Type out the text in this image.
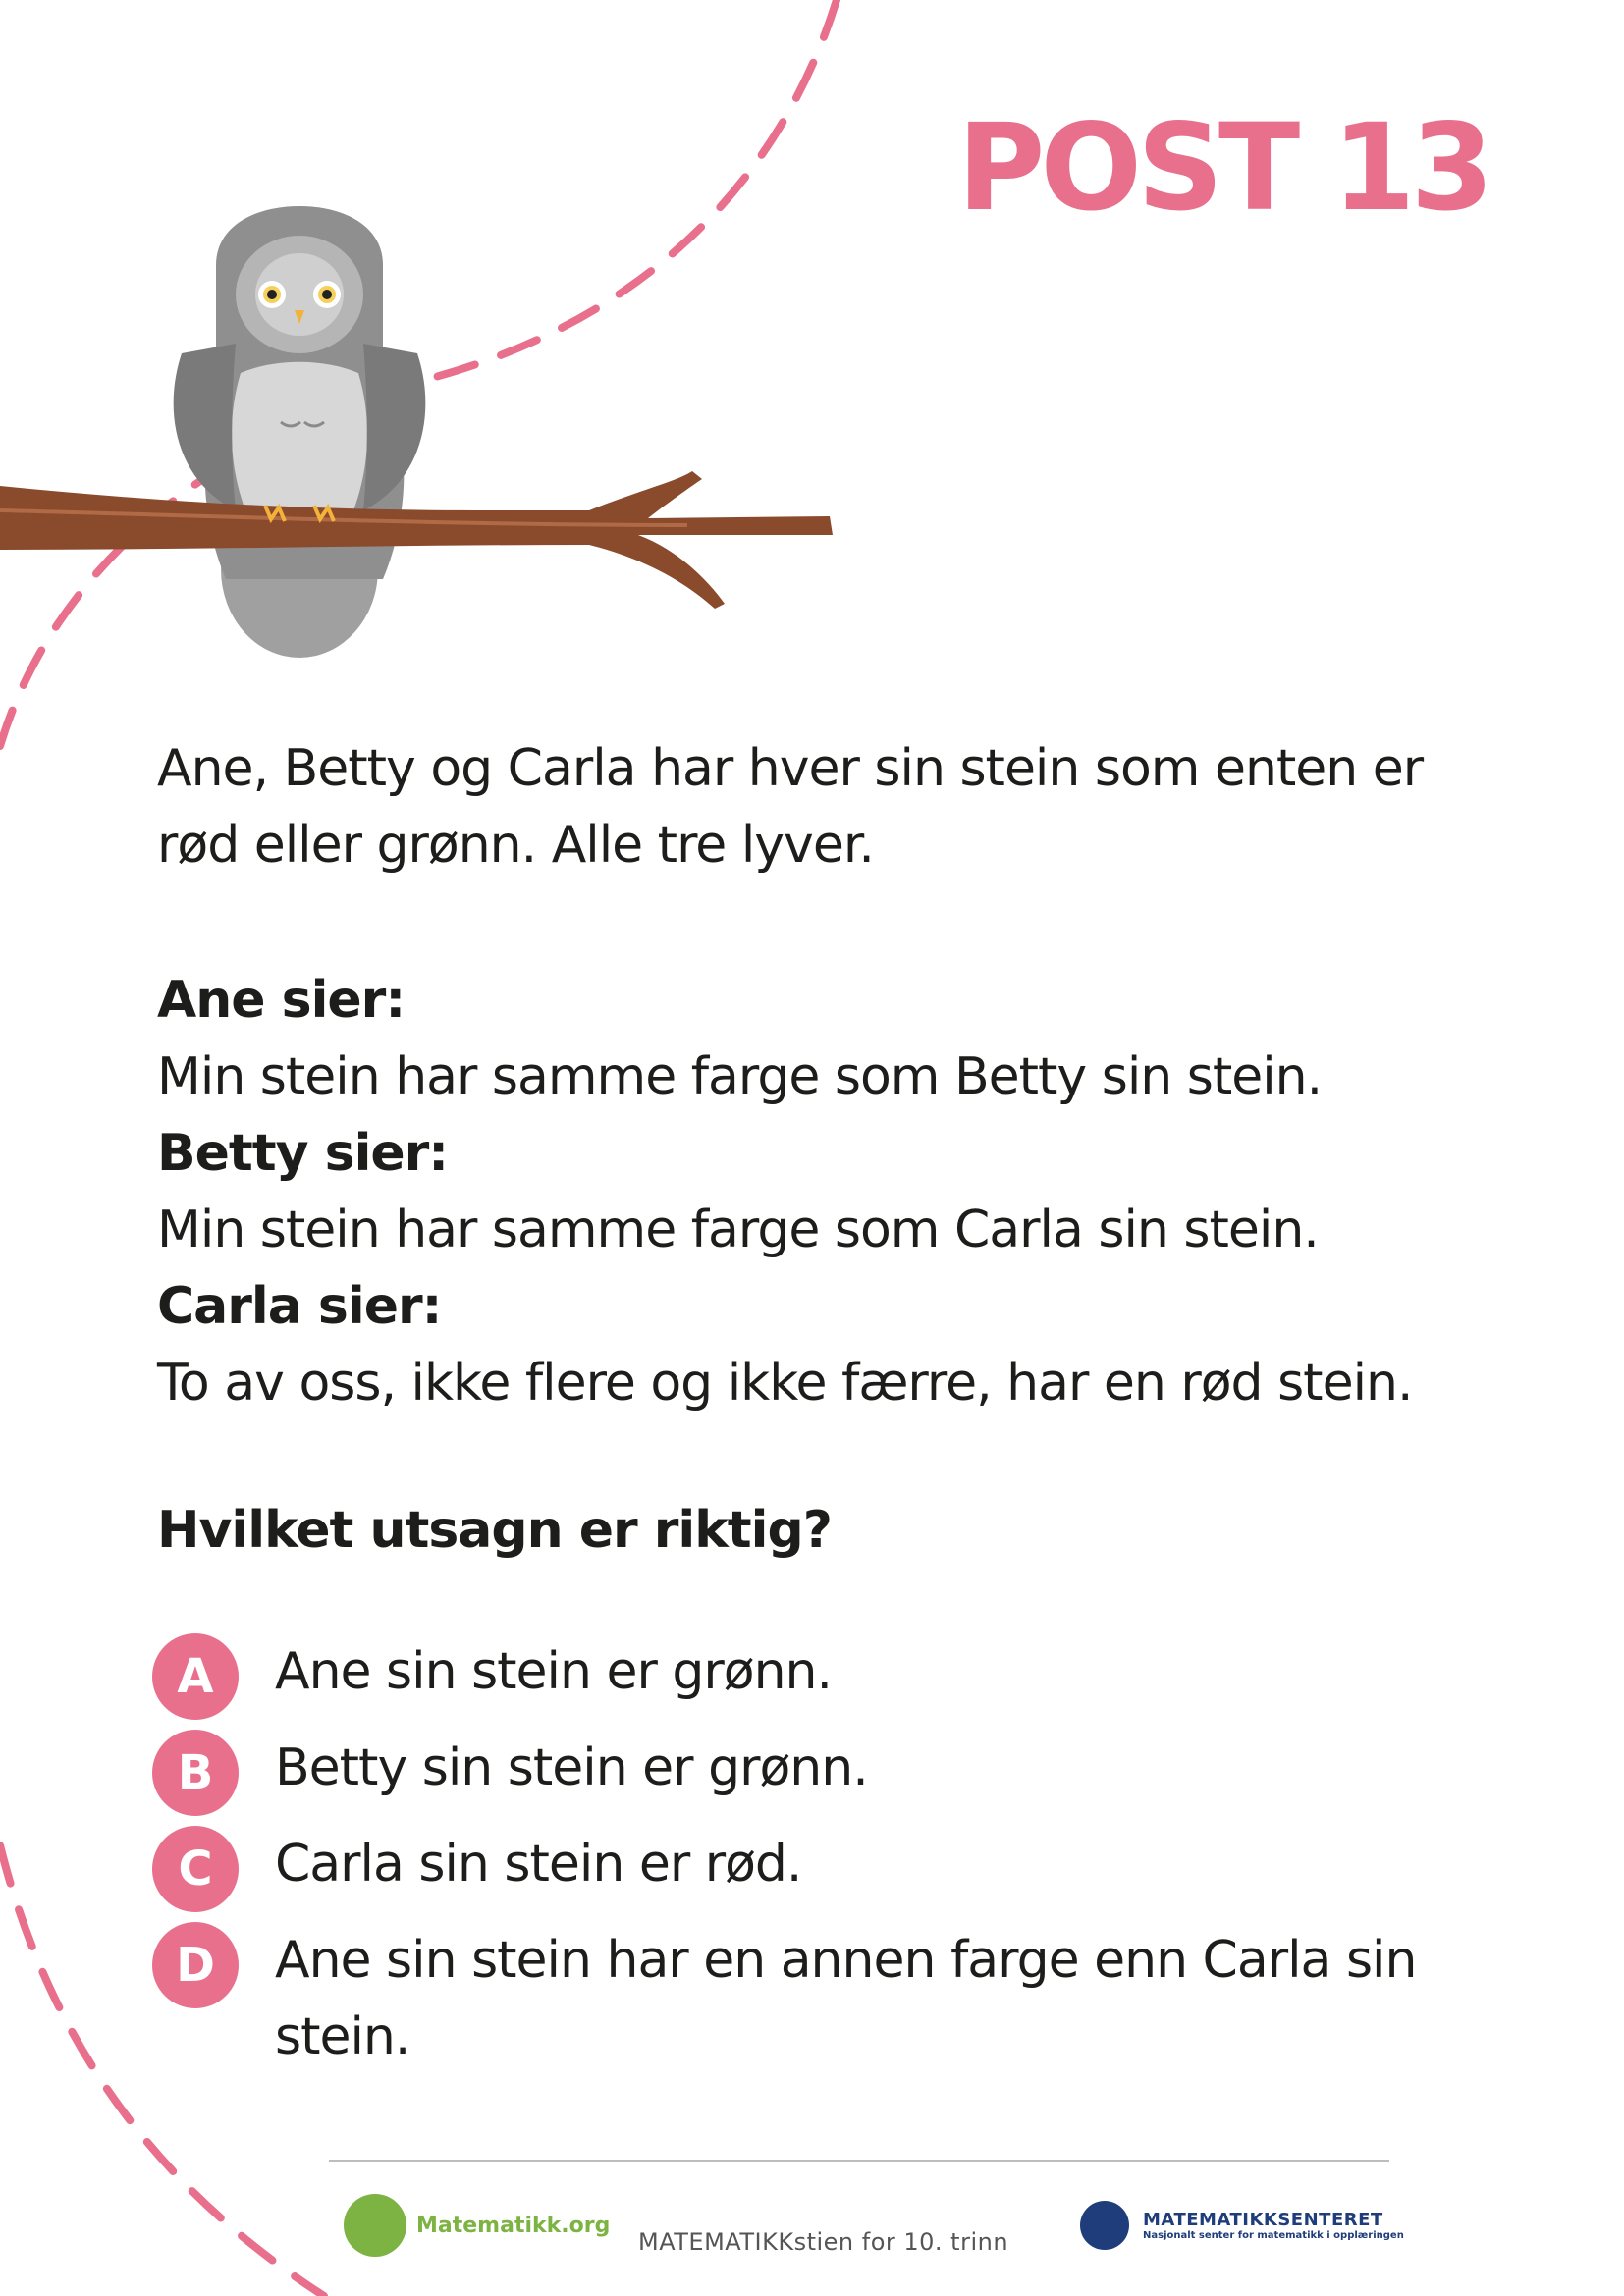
POST 13
Ane, Betty og Carla har hver sin stein som enten er rød eller grønn. Alle tre lyver.
Ane sier:
Min stein har samme farge som Betty sin stein.
Betty sier:
Min stein har samme farge som Carla sin stein.
Carla sier:
To av oss, ikke flere og ikke færre, har en rød stein.
Hvilket utsagn er riktig?
A	Ane sin stein er grønn.
B	Betty sin stein er grønn.
C	Carla sin stein er rød.
D	Ane sin stein har en annen farge enn Carla sin stein.
Matematikk.org
MATEMATIKKstien for 10. trinn
MATEMATIKKSENTERET
Nasjonalt senter for matematikk i opplæringen
